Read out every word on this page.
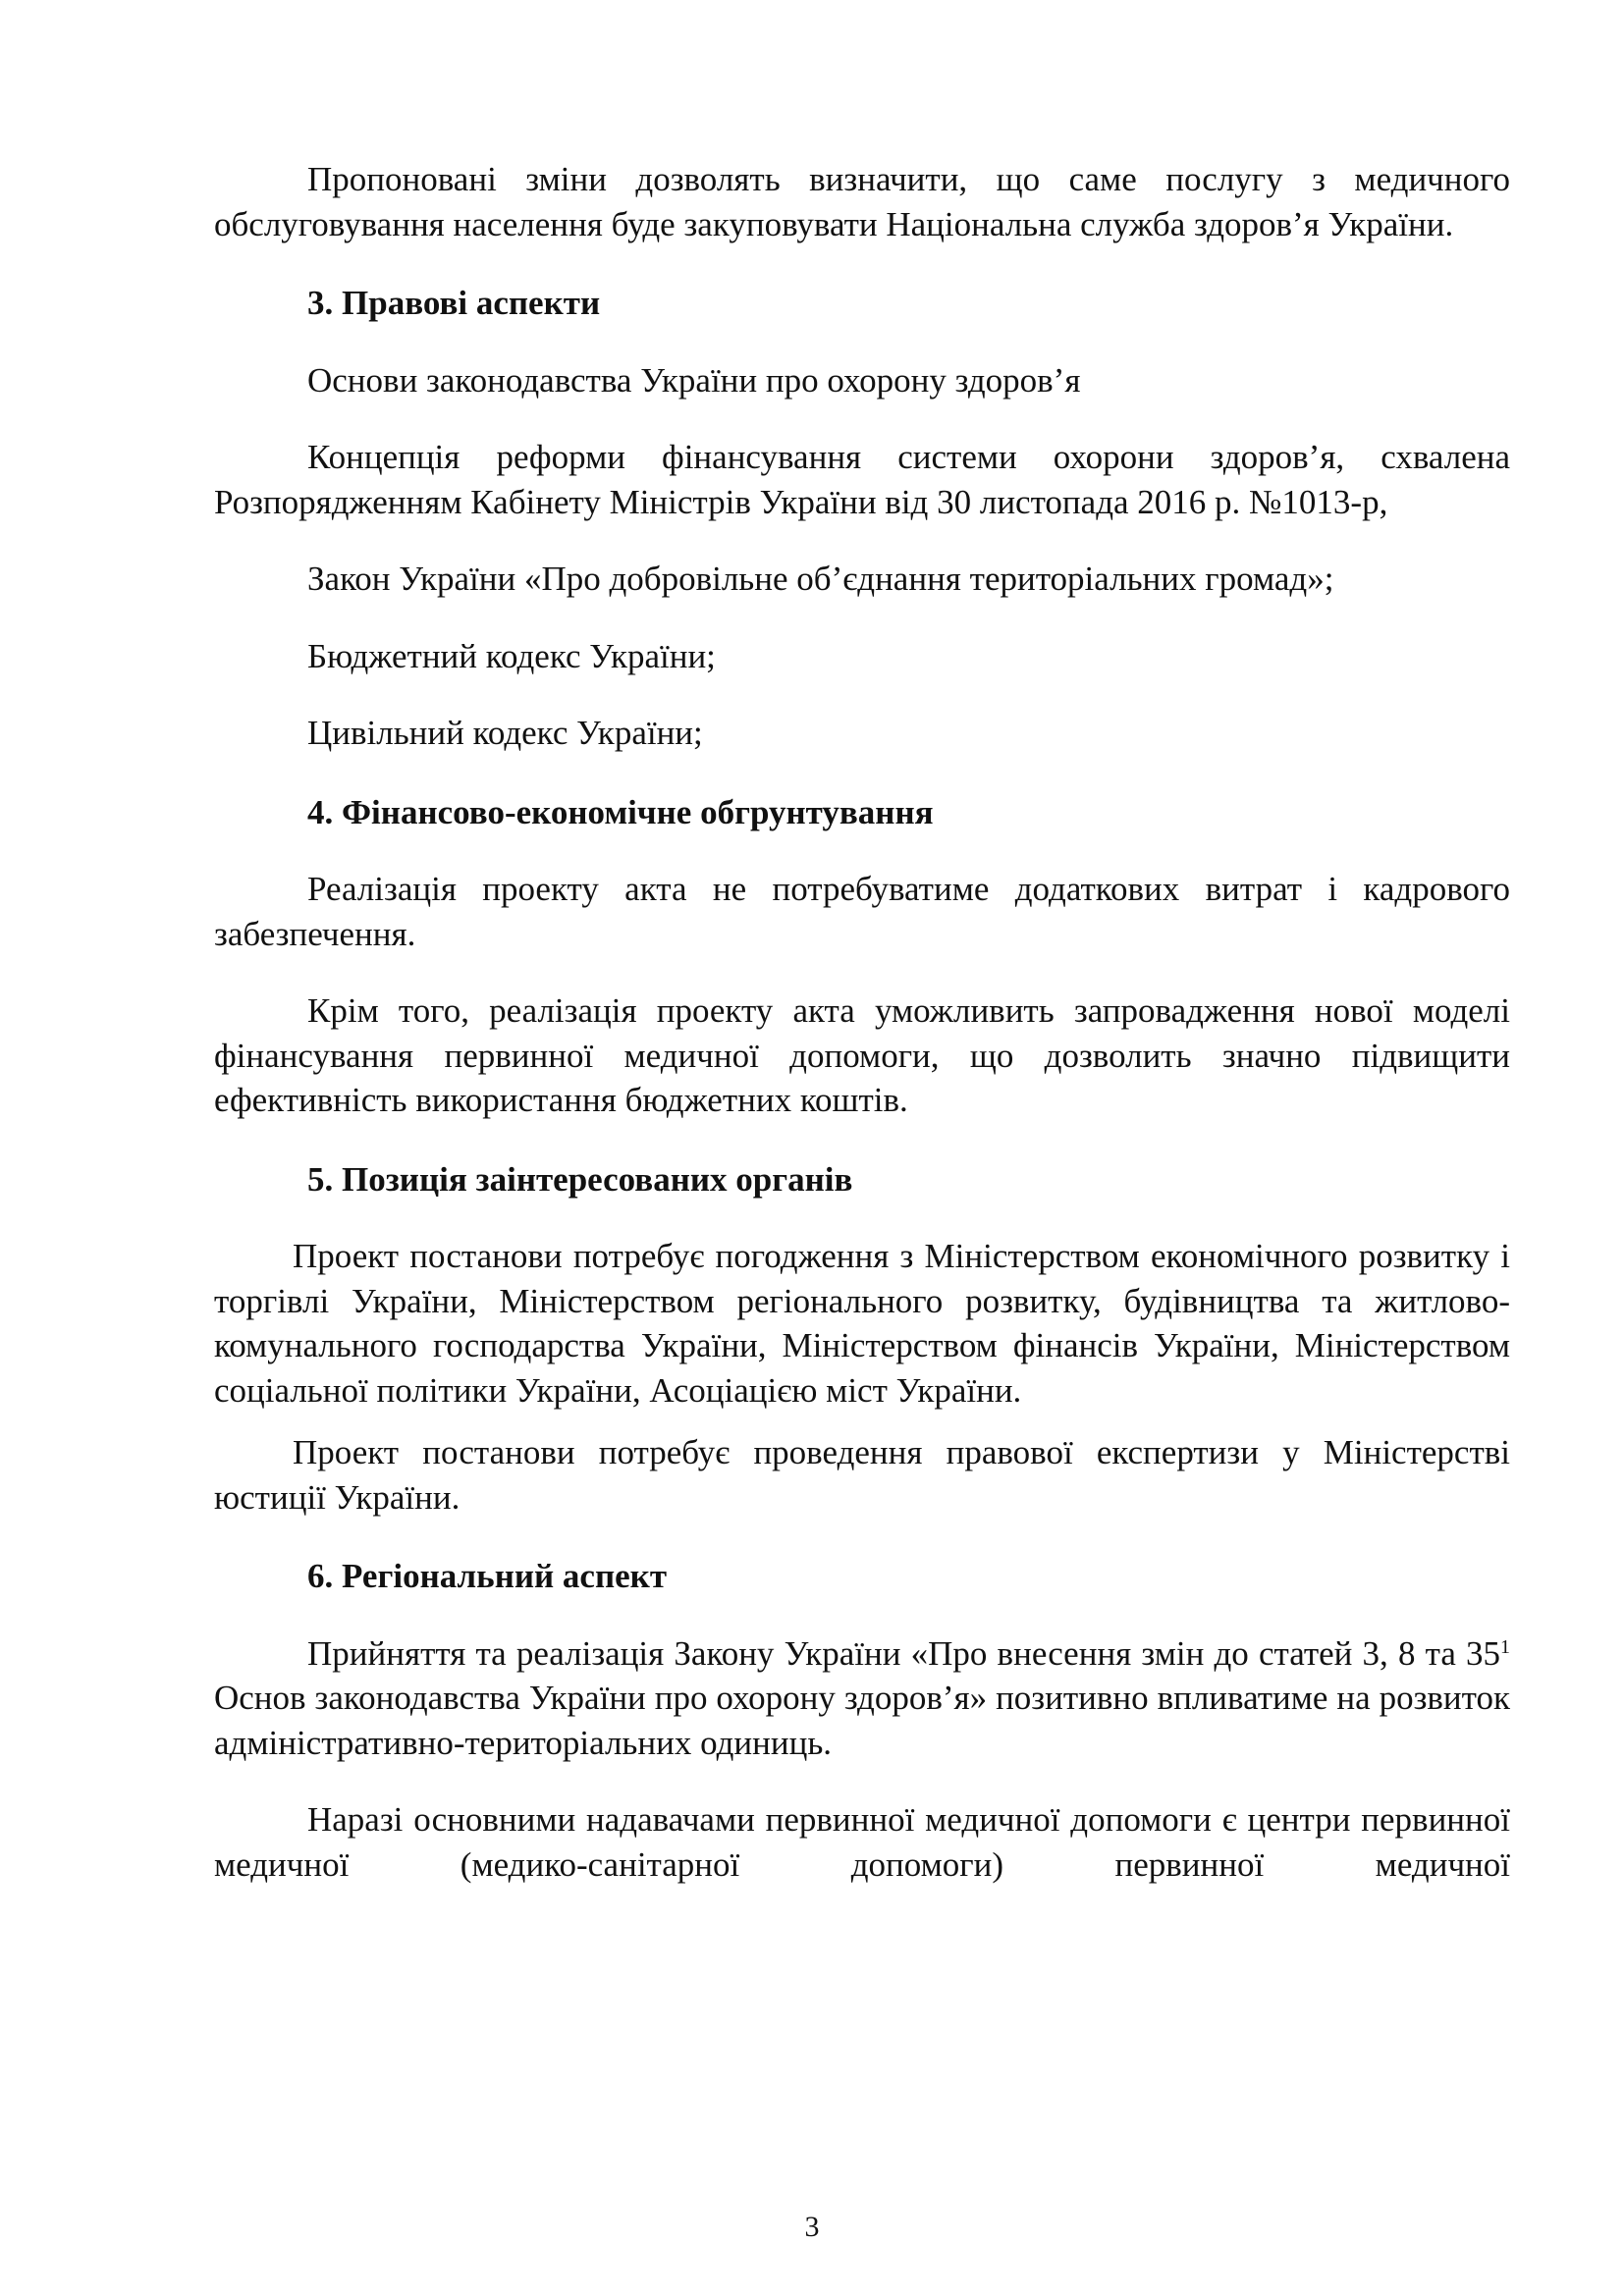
Пропоновані зміни дозволять визначити, що саме послугу з медичного обслуговування населення буде закуповувати Національна служба здоров’я України.

3. Правові аспекти

Основи законодавства України про охорону здоров’я

Концепція реформи фінансування системи охорони здоров’я, схвалена Розпорядженням Кабінету Міністрів України від 30 листопада 2016 р. №1013-р,

Закон України «Про добровільне об’єднання територіальних громад»;

Бюджетний кодекс України;

Цивільний кодекс України;

4. Фінансово-економічне обгрунтування

Реалізація проекту акта не потребуватиме додаткових витрат і кадрового забезпечення.

Крім того, реалізація проекту акта уможливить запровадження нової моделі фінансування первинної медичної допомоги, що дозволить значно підвищити ефективність використання бюджетних коштів.

5. Позиція заінтересованих органів

Проект постанови потребує погодження з Міністерством економічного розвитку і торгівлі України, Міністерством регіонального розвитку, будівництва та житлово-комунального господарства України, Міністерством фінансів України, Міністерством соціальної політики України, Асоціацією міст України.

Проект постанови потребує проведення правової експертизи у Міністерстві юстиції України.

6. Регіональний аспект

Прийняття та реалізація Закону України «Про внесення змін до статей 3, 8 та $35^1$ Основ законодавства України про охорону здоров’я» позитивно впливатиме на розвиток адміністративно-територіальних одиниць.

Наразі основними надавачами первинної медичної допомоги є центри первинної медичної (медико-санітарної допомоги) первинної медичної

3
